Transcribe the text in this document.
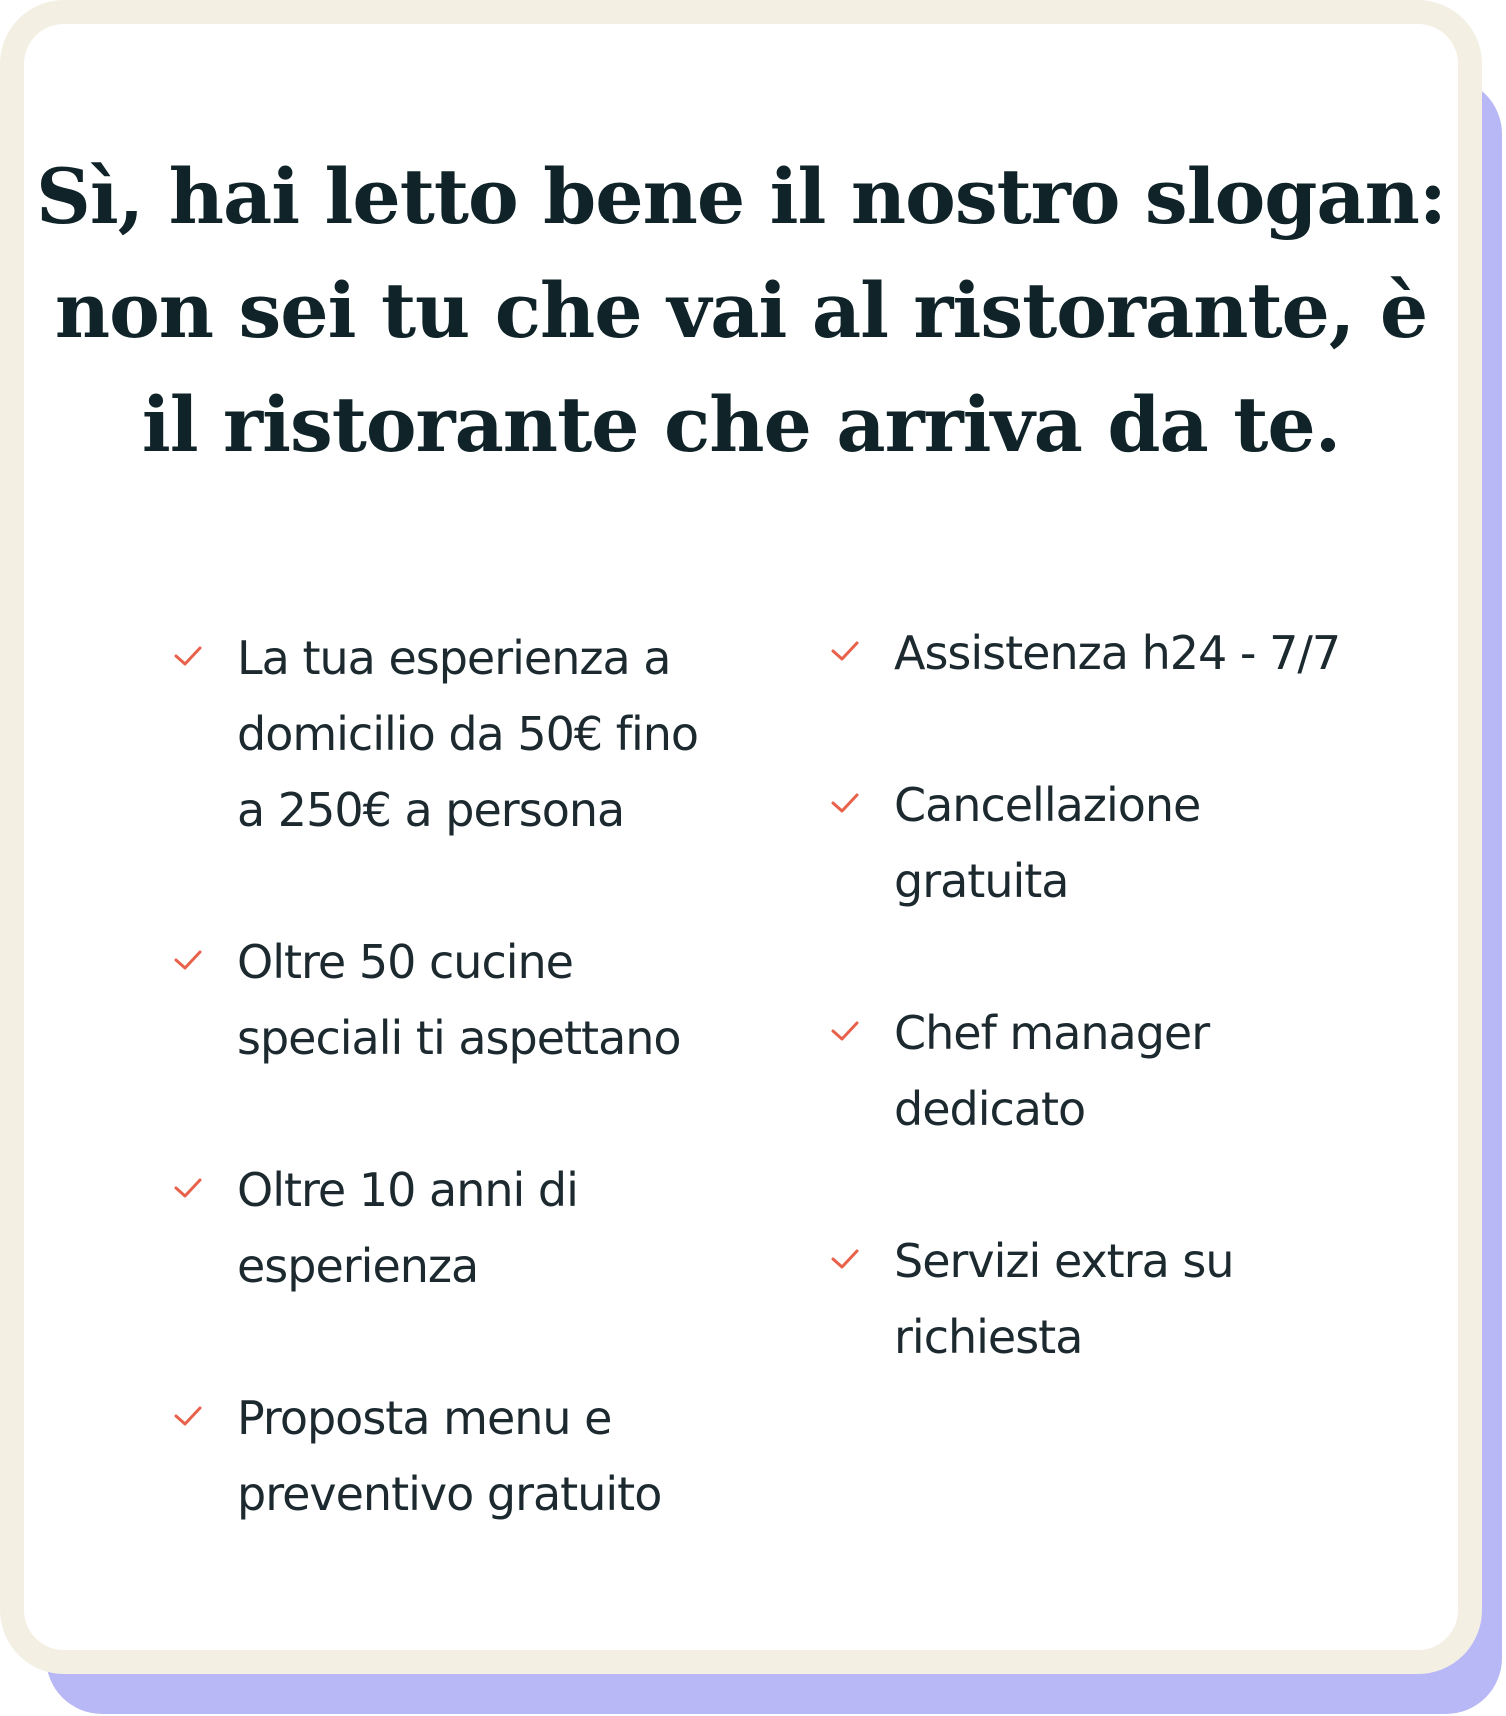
Sì, hai letto bene il nostro slogan:
non sei tu che vai al ristorante, è
il ristorante che arriva da te.
La tua esperienza a domicilio da 50€ fino a 250€ a persona
Oltre 50 cucine speciali ti aspettano
Oltre 10 anni di esperienza
Proposta menu e preventivo gratuito
Assistenza h24 - 7/7
Cancellazione gratuita
Chef manager dedicato
Servizi extra su richiesta
